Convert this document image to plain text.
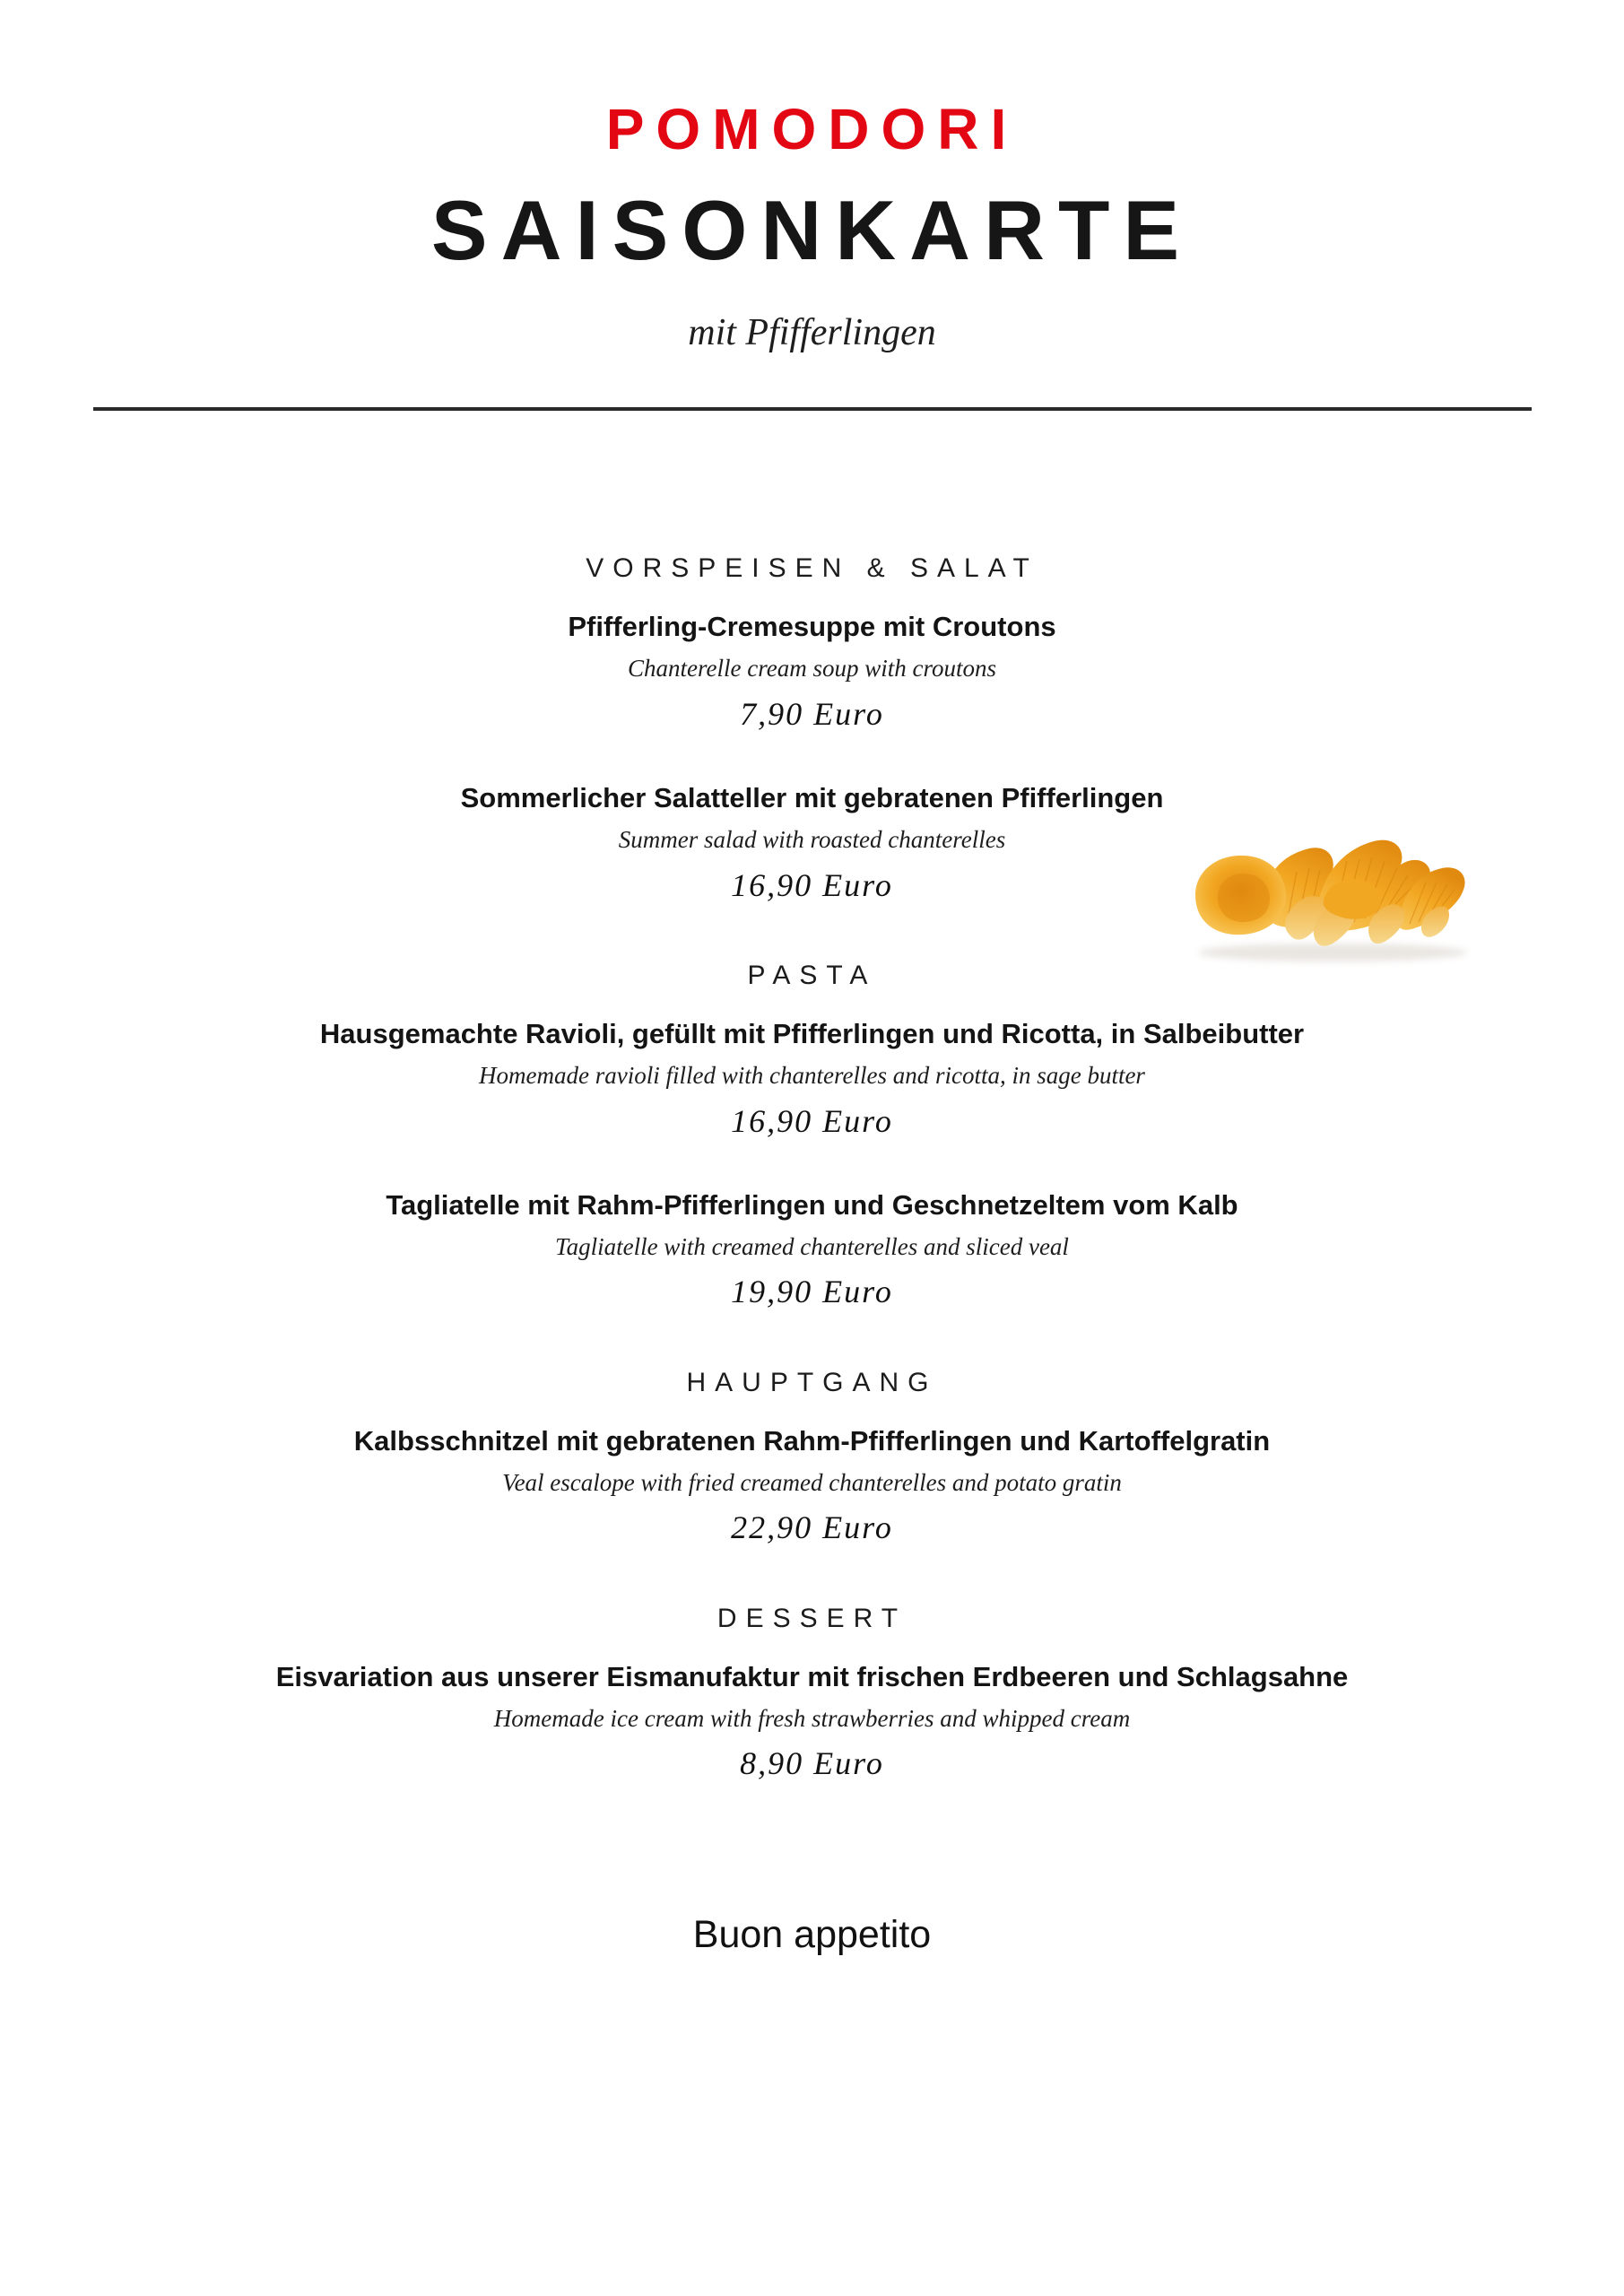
POMODORI
SAISONKARTE
mit Pfifferlingen
VORSPEISEN & SALAT
Pfifferling-Cremesuppe mit Croutons
Chanterelle cream soup with croutons
7,90 Euro
Sommerlicher Salatteller mit gebratenen Pfifferlingen
Summer salad with roasted chanterelles
16,90 Euro
PASTA
Hausgemachte Ravioli, gefüllt mit Pfifferlingen und Ricotta, in Salbeibutter
Homemade ravioli filled with chanterelles and ricotta, in sage butter
16,90 Euro
Tagliatelle mit Rahm-Pfifferlingen und Geschnetzeltem vom Kalb
Tagliatelle with creamed chanterelles and sliced veal
19,90 Euro
HAUPTGANG
Kalbsschnitzel mit gebratenen Rahm-Pfifferlingen und Kartoffelgratin
Veal escalope with fried creamed chanterelles and potato gratin
22,90 Euro
DESSERT
Eisvariation aus unserer Eismanufaktur mit frischen Erdbeeren und Schlagsahne
Homemade ice cream with fresh strawberries and whipped cream
8,90 Euro
Buon appetito
